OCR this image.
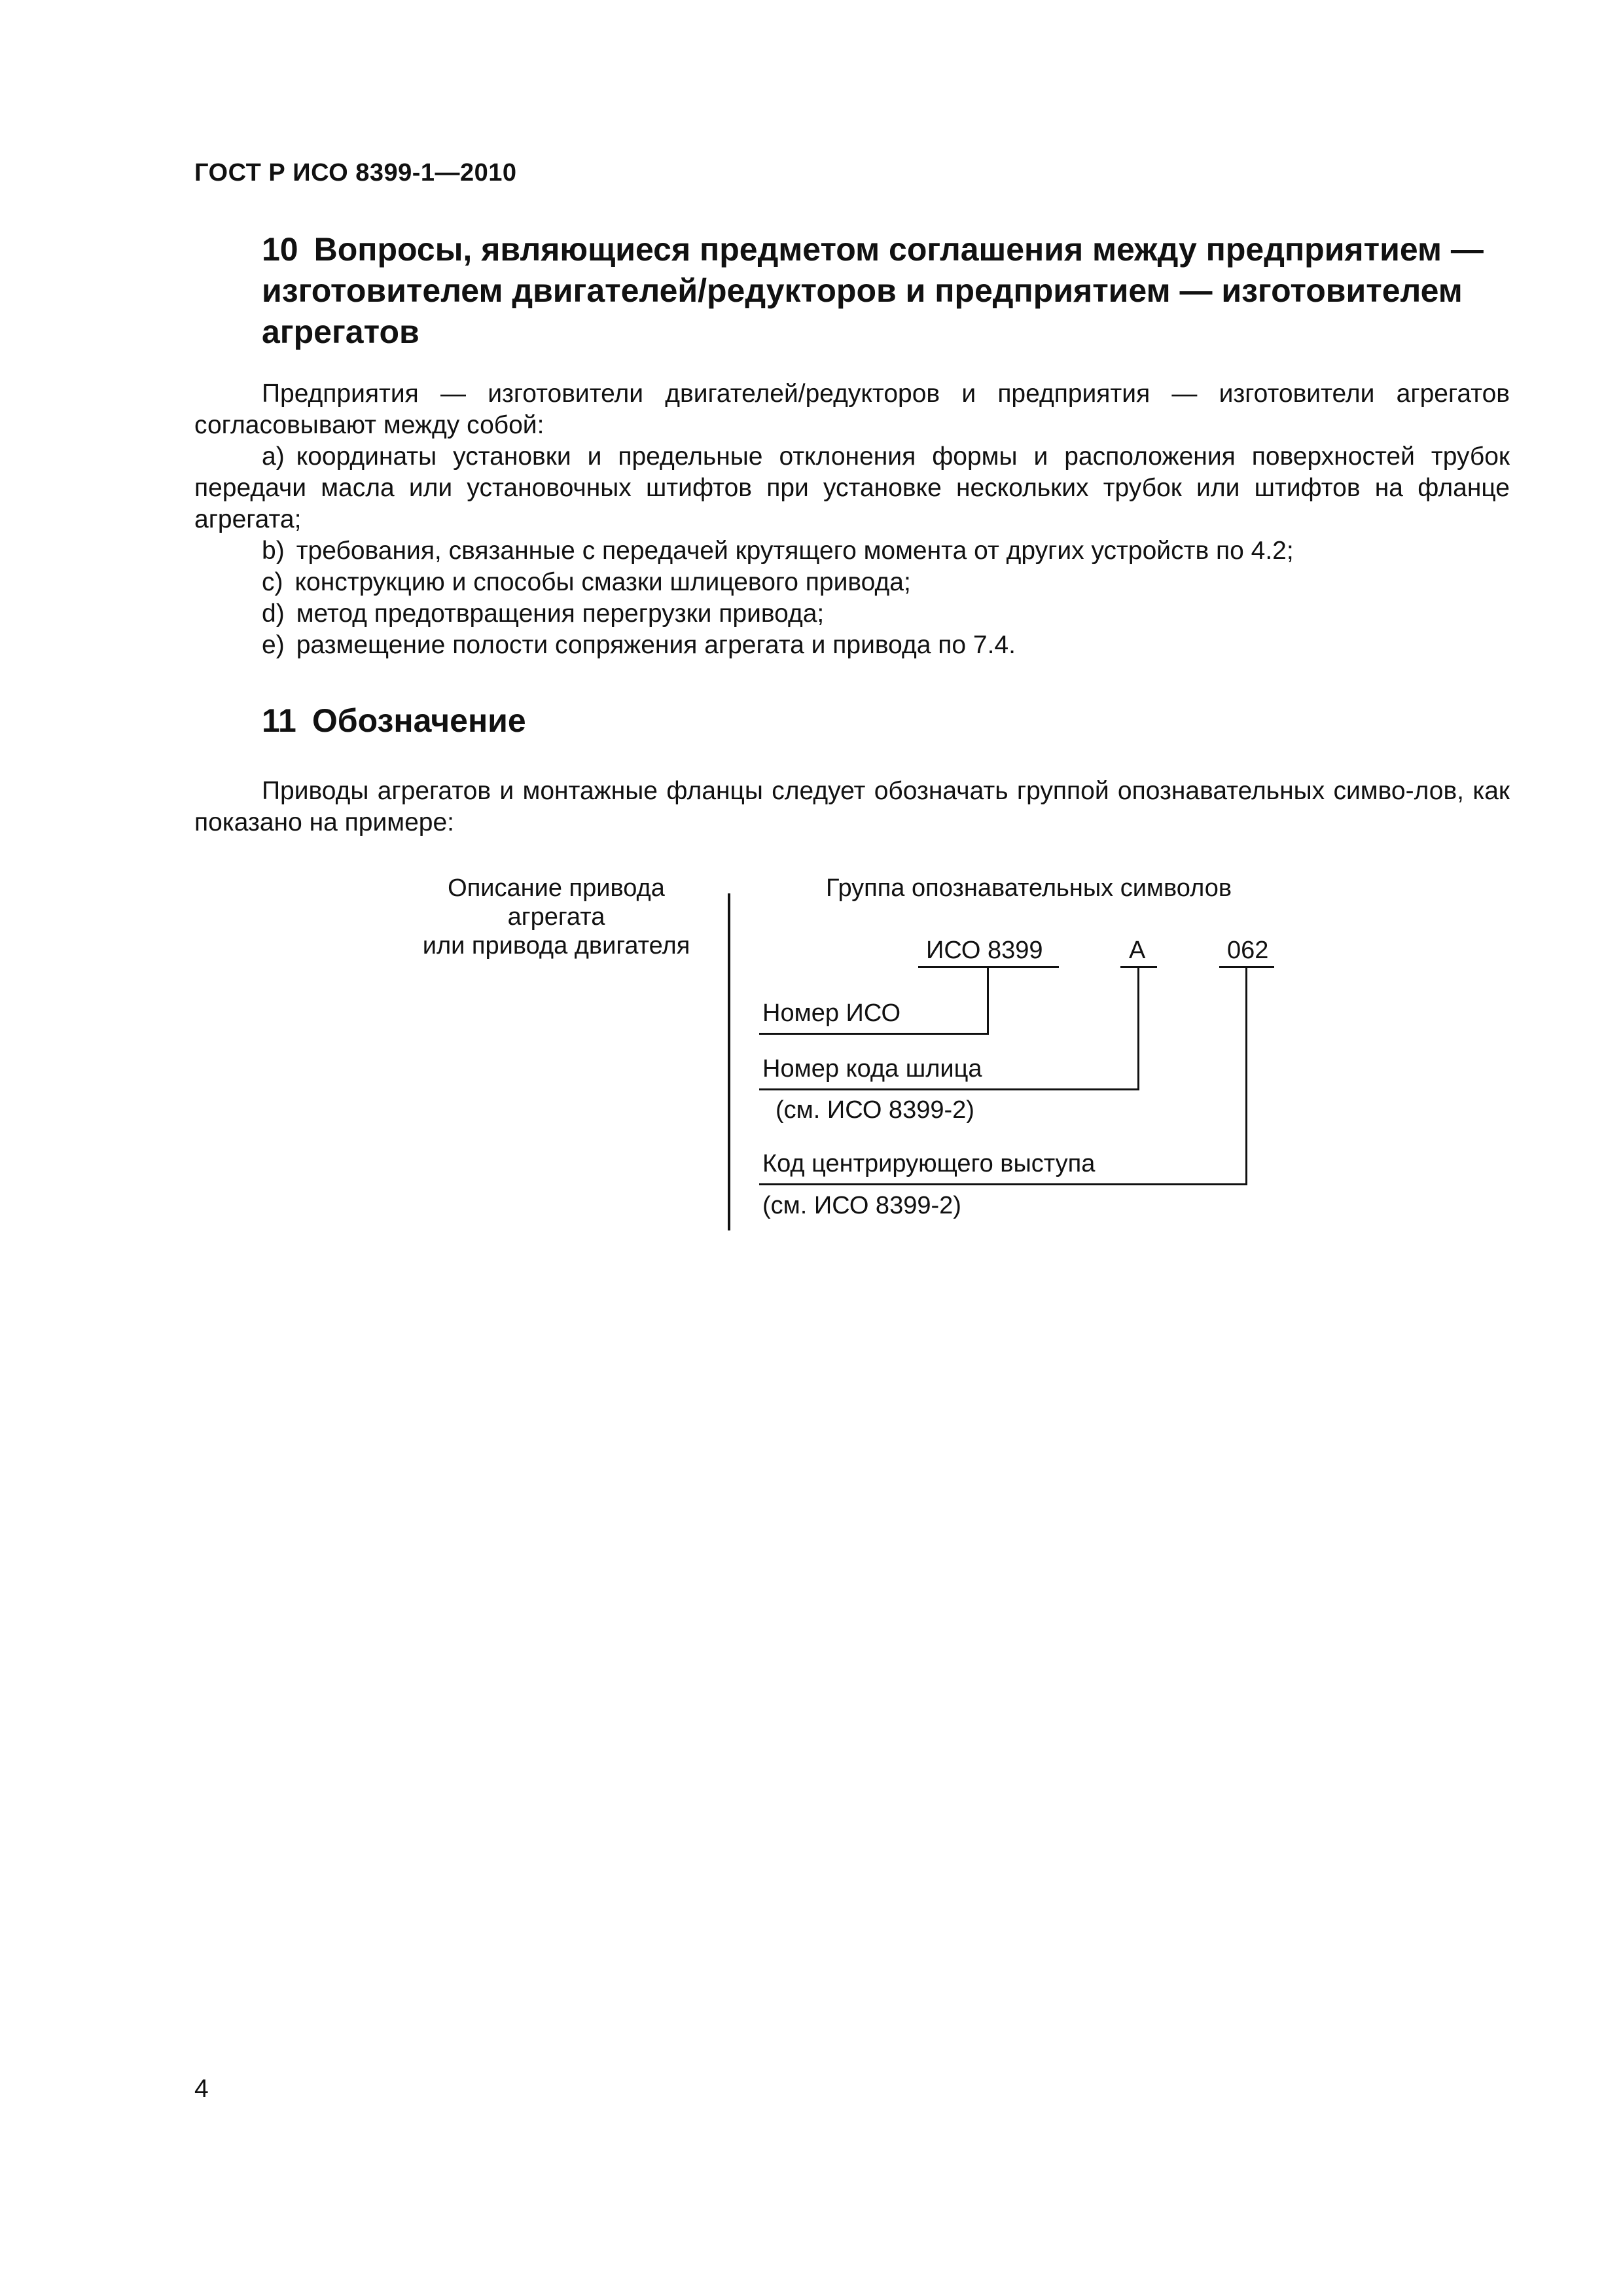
ГОСТ Р ИСО 8399-1—2010
10 Вопросы, являющиеся предметом соглашения между предприятием —
изготовителем двигателей/редукторов и предприятием — изготовителем
агрегатов
Предприятия — изготовители двигателей/редукторов и предприятия — изготовители агрегатов согласовывают между собой:
а) координаты установки и предельные отклонения формы и расположения поверхностей трубок передачи масла или установочных штифтов при установке нескольких трубок или штифтов на фланце агрегата;
b) требования, связанные с передачей крутящего момента от других устройств по 4.2;
с) конструкцию и способы смазки шлицевого привода;
d) метод предотвращения перегрузки привода;
е) размещение полости сопряжения агрегата и привода по 7.4.
11 Обозначение
Приводы агрегатов и монтажные фланцы следует обозначать группой опознавательных симво-лов, как показано на примере:
Описание привода
агрегата
или привода двигателя
Группа опознавательных символов
ИСО 8399	А	062
Номер ИСО
Номер кода шлица
(см. ИСО 8399-2)
Код центрирующего выступа
(см. ИСО 8399-2)
4
